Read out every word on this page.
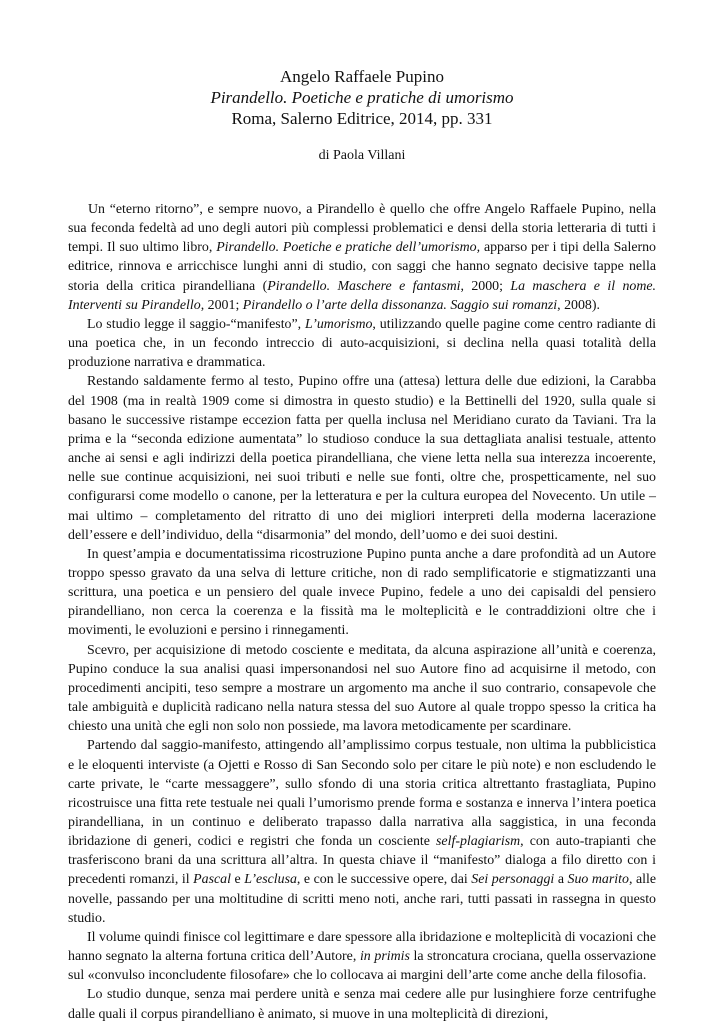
Angelo Raffaele Pupino
Pirandello. Poetiche e pratiche di umorismo
Roma, Salerno Editrice, 2014, pp. 331
di Paola Villani

Un “eterno ritorno”, e sempre nuovo, a Pirandello è quello che offre Angelo Raffaele Pupino, nella sua feconda fedeltà ad uno degli autori più complessi problematici e densi della storia letteraria di tutti i tempi. Il suo ultimo libro, Pirandello. Poetiche e pratiche dell’umorismo, apparso per i tipi della Salerno editrice, rinnova e arricchisce lunghi anni di studio, con saggi che hanno segnato decisive tappe nella storia della critica pirandelliana (Pirandello. Maschere e fantasmi, 2000; La maschera e il nome. Interventi su Pirandello, 2001; Pirandello o l’arte della dissonanza. Saggio sui romanzi, 2008).

Lo studio legge il saggio-“manifesto”, L’umorismo, utilizzando quelle pagine come centro radiante di una poetica che, in un fecondo intreccio di auto-acquisizioni, si declina nella quasi totalità della produzione narrativa e drammatica.

Restando saldamente fermo al testo, Pupino offre una (attesa) lettura delle due edizioni, la Carabba del 1908 (ma in realtà 1909 come si dimostra in questo studio) e la Bettinelli del 1920, sulla quale si basano le successive ristampe eccezion fatta per quella inclusa nel Meridiano curato da Taviani. Tra la prima e la “seconda edizione aumentata” lo studioso conduce la sua dettagliata analisi testuale, attento anche ai sensi e agli indirizzi della poetica pirandelliana, che viene letta nella sua interezza incoerente, nelle sue continue acquisizioni, nei suoi tributi e nelle sue fonti, oltre che, prospetticamente, nel suo configurarsi come modello o canone, per la letteratura e per la cultura europea del Novecento. Un utile – mai ultimo – completamento del ritratto di uno dei migliori interpreti della moderna lacerazione dell’essere e dell’individuo, della “disarmonia” del mondo, dell’uomo e dei suoi destini.

In quest’ampia e documentatissima ricostruzione Pupino punta anche a dare profondità ad un Autore troppo spesso gravato da una selva di letture critiche, non di rado semplificatorie e stigmatizzanti una scrittura, una poetica e un pensiero del quale invece Pupino, fedele a uno dei capisaldi del pensiero pirandelliano, non cerca la coerenza e la fissità ma le molteplicità e le contraddizioni oltre che i movimenti, le evoluzioni e persino i rinnegamenti.

Scevro, per acquisizione di metodo cosciente e meditata, da alcuna aspirazione all’unità e coerenza, Pupino conduce la sua analisi quasi impersonandosi nel suo Autore fino ad acquisirne il metodo, con procedimenti ancipiti, teso sempre a mostrare un argomento ma anche il suo contrario, consapevole che tale ambiguità e duplicità radicano nella natura stessa del suo Autore al quale troppo spesso la critica ha chiesto una unità che egli non solo non possiede, ma lavora metodicamente per scardinare.

Partendo dal saggio-manifesto, attingendo all’amplissimo corpus testuale, non ultima la pubblicistica e le eloquenti interviste (a Ojetti e Rosso di San Secondo solo per citare le più note) e non escludendo le carte private, le “carte messaggere”, sullo sfondo di una storia critica altrettanto frastagliata, Pupino ricostruisce una fitta rete testuale nei quali l’umorismo prende forma e sostanza e innerva l’intera poetica pirandelliana, in un continuo e deliberato trapasso dalla narrativa alla saggistica, in una feconda ibridazione di generi, codici e registri che fonda un cosciente self-plagiarism, con auto-trapianti che trasferiscono brani da una scrittura all’altra. In questa chiave il “manifesto” dialoga a filo diretto con i precedenti romanzi, il Pascal e L’esclusa, e con le successive opere, dai Sei personaggi a Suo marito, alle novelle, passando per una moltitudine di scritti meno noti, anche rari, tutti passati in rassegna in questo studio.

Il volume quindi finisce col legittimare e dare spessore alla ibridazione e molteplicità di vocazioni che hanno segnato la alterna fortuna critica dell’Autore, in primis la stroncatura crociana, quella osservazione sul «convulso inconcludente filosofare» che lo collocava ai margini dell’arte come anche della filosofia.

Lo studio dunque, senza mai perdere unità e senza mai cedere alle pur lusinghiere forze centrifughe dalle quali il corpus pirandelliano è animato, si muove in una molteplicità di direzioni,
